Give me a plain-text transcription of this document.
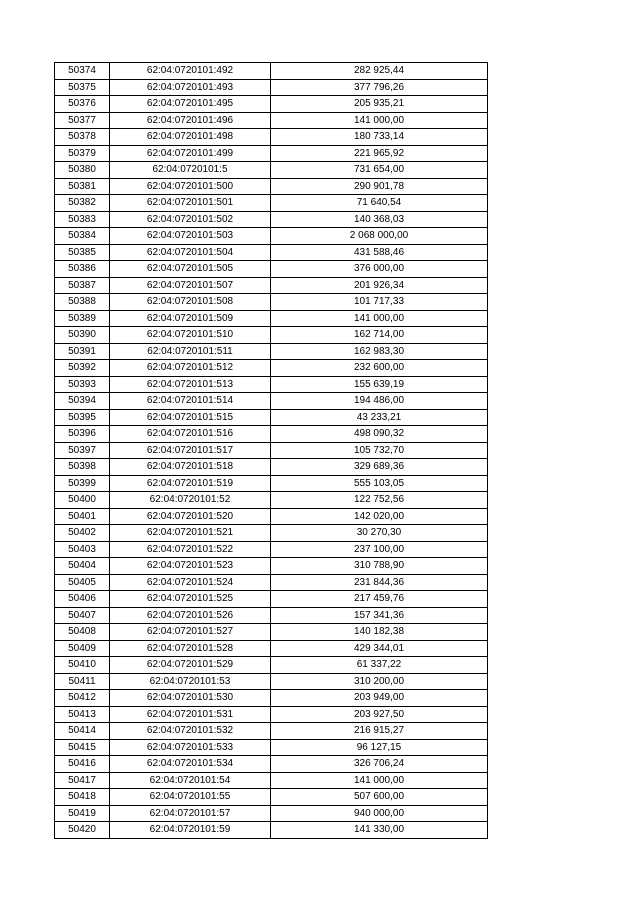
50374	62:04:0720101:492	282 925,44
50375	62:04:0720101:493	377 796,26
50376	62:04:0720101:495	205 935,21
50377	62:04:0720101:496	141 000,00
50378	62:04:0720101:498	180 733,14
50379	62:04:0720101:499	221 965,92
50380	62:04:0720101:5	731 654,00
50381	62:04:0720101:500	290 901,78
50382	62:04:0720101:501	71 640,54
50383	62:04:0720101:502	140 368,03
50384	62:04:0720101:503	2 068 000,00
50385	62:04:0720101:504	431 588,46
50386	62:04:0720101:505	376 000,00
50387	62:04:0720101:507	201 926,34
50388	62:04:0720101:508	101 717,33
50389	62:04:0720101:509	141 000,00
50390	62:04:0720101:510	162 714,00
50391	62:04:0720101:511	162 983,30
50392	62:04:0720101:512	232 600,00
50393	62:04:0720101:513	155 639,19
50394	62:04:0720101:514	194 486,00
50395	62:04:0720101:515	43 233,21
50396	62:04:0720101:516	498 090,32
50397	62:04:0720101:517	105 732,70
50398	62:04:0720101:518	329 689,36
50399	62:04:0720101:519	555 103,05
50400	62:04:0720101:52	122 752,56
50401	62:04:0720101:520	142 020,00
50402	62:04:0720101:521	30 270,30
50403	62:04:0720101:522	237 100,00
50404	62:04:0720101:523	310 788,90
50405	62:04:0720101:524	231 844,36
50406	62:04:0720101:525	217 459,76
50407	62:04:0720101:526	157 341,36
50408	62:04:0720101:527	140 182,38
50409	62:04:0720101:528	429 344,01
50410	62:04:0720101:529	61 337,22
50411	62:04:0720101:53	310 200,00
50412	62:04:0720101:530	203 949,00
50413	62:04:0720101:531	203 927,50
50414	62:04:0720101:532	216 915,27
50415	62:04:0720101:533	96 127,15
50416	62:04:0720101:534	326 706,24
50417	62:04:0720101:54	141 000,00
50418	62:04:0720101:55	507 600,00
50419	62:04:0720101:57	940 000,00
50420	62:04:0720101:59	141 330,00
